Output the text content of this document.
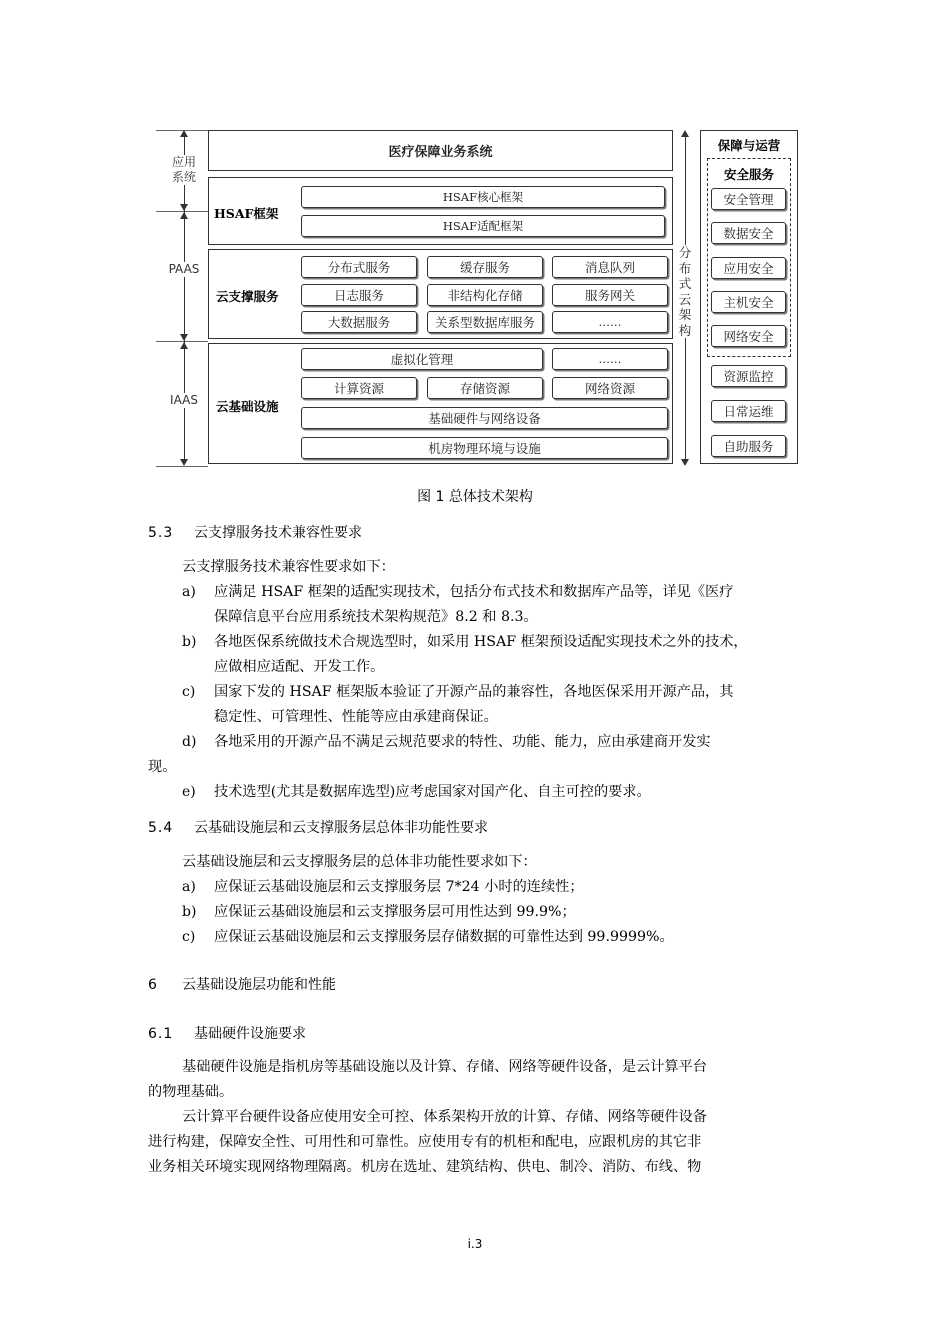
应用
系统
PAAS
IAAS
医疗保障业务系统
HSAF框架
HSAF核心框架
HSAF适配框架
云支撑服务
分布式服务	缓存服务	消息队列
日志服务	非结构化存储	服务网关
大数据服务	关系型数据库服务	……
云基础设施
虚拟化管理	……
计算资源	存储资源	网络资源
基础硬件与网络设备
机房物理环境与设施
分
布
式
云
架
构
保障与运营
安全服务
安全管理
数据安全
应用安全
主机安全
网络安全
资源监控
日常运维
自助服务
图 1 总体技术架构
5.3 云支撑服务技术兼容性要求
云支撑服务技术兼容性要求如下：
a) 应满足 HSAF 框架的适配实现技术，包括分布式技术和数据库产品等，详见《医疗
保障信息平台应用系统技术架构规范》8.2 和 8.3。
b) 各地医保系统做技术合规选型时，如采用 HSAF 框架预设适配实现技术之外的技术，
应做相应适配、开发工作。
c) 国家下发的 HSAF 框架版本验证了开源产品的兼容性，各地医保采用开源产品，其
稳定性、可管理性、性能等应由承建商保证。
d) 各地采用的开源产品不满足云规范要求的特性、功能、能力，应由承建商开发实
现。
e) 技术选型(尤其是数据库选型)应考虑国家对国产化、自主可控的要求。
5.4 云基础设施层和云支撑服务层总体非功能性要求
云基础设施层和云支撑服务层的总体非功能性要求如下：
a) 应保证云基础设施层和云支撑服务层 7*24 小时的连续性；
b) 应保证云基础设施层和云支撑服务层可用性达到 99.9%；
c) 应保证云基础设施层和云支撑服务层存储数据的可靠性达到 99.9999%。
6 云基础设施层功能和性能
6.1 基础硬件设施要求
基础硬件设施是指机房等基础设施以及计算、存储、网络等硬件设备，是云计算平台
的物理基础。
云计算平台硬件设备应使用安全可控、体系架构开放的计算、存储、网络等硬件设备
进行构建，保障安全性、可用性和可靠性。应使用专有的机柜和配电，应跟机房的其它非
业务相关环境实现网络物理隔离。机房在选址、建筑结构、供电、制冷、消防、布线、物
i.3
